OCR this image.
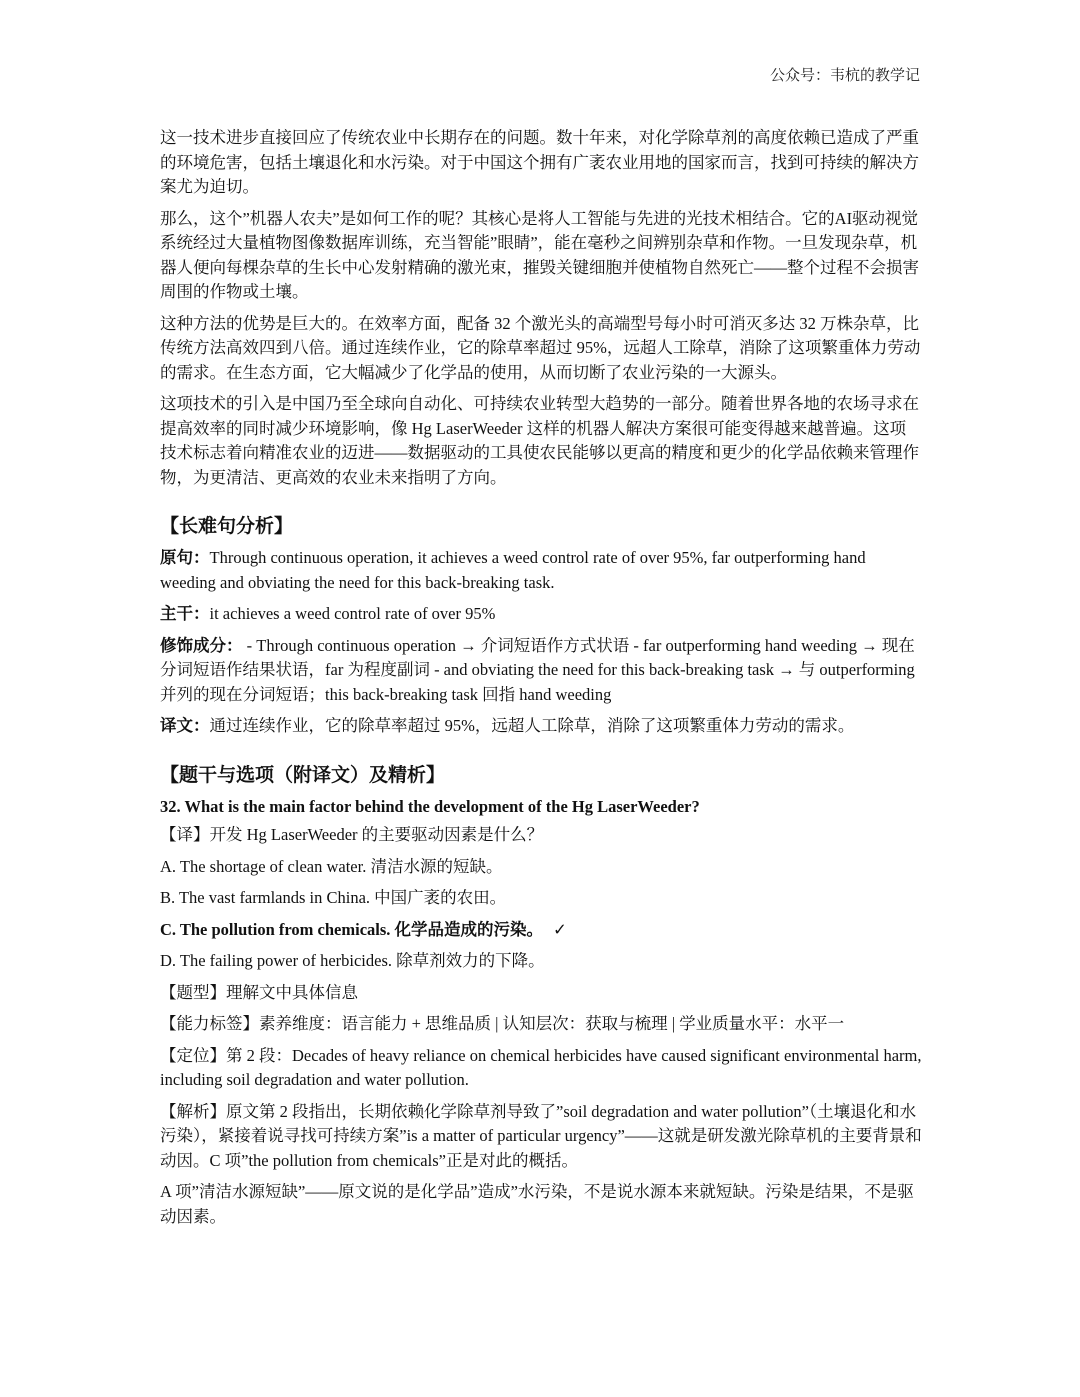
公众号：韦杭的教学记

这一技术进步直接回应了传统农业中长期存在的问题。数十年来，对化学除草剂的高度依赖已造成了严重的环境危害，包括土壤退化和水污染。对于中国这个拥有广袤农业用地的国家而言，找到可持续的解决方案尤为迫切。

那么，这个”机器人农夫”是如何工作的呢？其核心是将人工智能与先进的光技术相结合。它的AI驱动视觉系统经过大量植物图像数据库训练，充当智能”眼睛”，能在毫秒之间辨别杂草和作物。一旦发现杂草，机器人便向每棵杂草的生长中心发射精确的激光束，摧毁关键细胞并使植物自然死亡——整个过程不会损害周围的作物或土壤。

这种方法的优势是巨大的。在效率方面，配备 32 个激光头的高端型号每小时可消灭多达 32 万株杂草，比传统方法高效四到八倍。通过连续作业，它的除草率超过 95%，远超人工除草，消除了这项繁重体力劳动的需求。在生态方面，它大幅减少了化学品的使用，从而切断了农业污染的一大源头。

这项技术的引入是中国乃至全球向自动化、可持续农业转型大趋势的一部分。随着世界各地的农场寻求在提高效率的同时减少环境影响，像 Hg LaserWeeder 这样的机器人解决方案很可能变得越来越普遍。这项技术标志着向精准农业的迈进——数据驱动的工具使农民能够以更高的精度和更少的化学品依赖来管理作物，为更清洁、更高效的农业未来指明了方向。

【长难句分析】

原句：Through continuous operation, it achieves a weed control rate of over 95%, far outperforming hand weeding and obviating the need for this back-breaking task.

主干：it achieves a weed control rate of over 95%

修饰成分： - Through continuous operation → 介词短语作方式状语 - far outperforming hand weeding → 现在分词短语作结果状语，far 为程度副词 - and obviating the need for this back-breaking task → 与 outperforming 并列的现在分词短语；this back-breaking task 回指 hand weeding

译文：通过连续作业，它的除草率超过 95%，远超人工除草，消除了这项繁重体力劳动的需求。

【题干与选项（附译文）及精析】

32. What is the main factor behind the development of the Hg LaserWeeder?

【译】开发 Hg LaserWeeder 的主要驱动因素是什么？

A. The shortage of clean water. 清洁水源的短缺。

B. The vast farmlands in China. 中国广袤的农田。

C. The pollution from chemicals. 化学品造成的污染。 ✓

D. The failing power of herbicides. 除草剂效力的下降。

【题型】理解文中具体信息

【能力标签】素养维度：语言能力 + 思维品质 | 认知层次：获取与梳理 | 学业质量水平：水平一

【定位】第 2 段：Decades of heavy reliance on chemical herbicides have caused significant environmental harm, including soil degradation and water pollution.

【解析】原文第 2 段指出，长期依赖化学除草剂导致了”soil degradation and water pollution”（土壤退化和水污染），紧接着说寻找可持续方案”is a matter of particular urgency”——这就是研发激光除草机的主要背景和动因。C 项”the pollution from chemicals”正是对此的概括。

A 项”清洁水源短缺”——原文说的是化学品”造成”水污染，不是说水源本来就短缺。污染是结果，不是驱动因素。
